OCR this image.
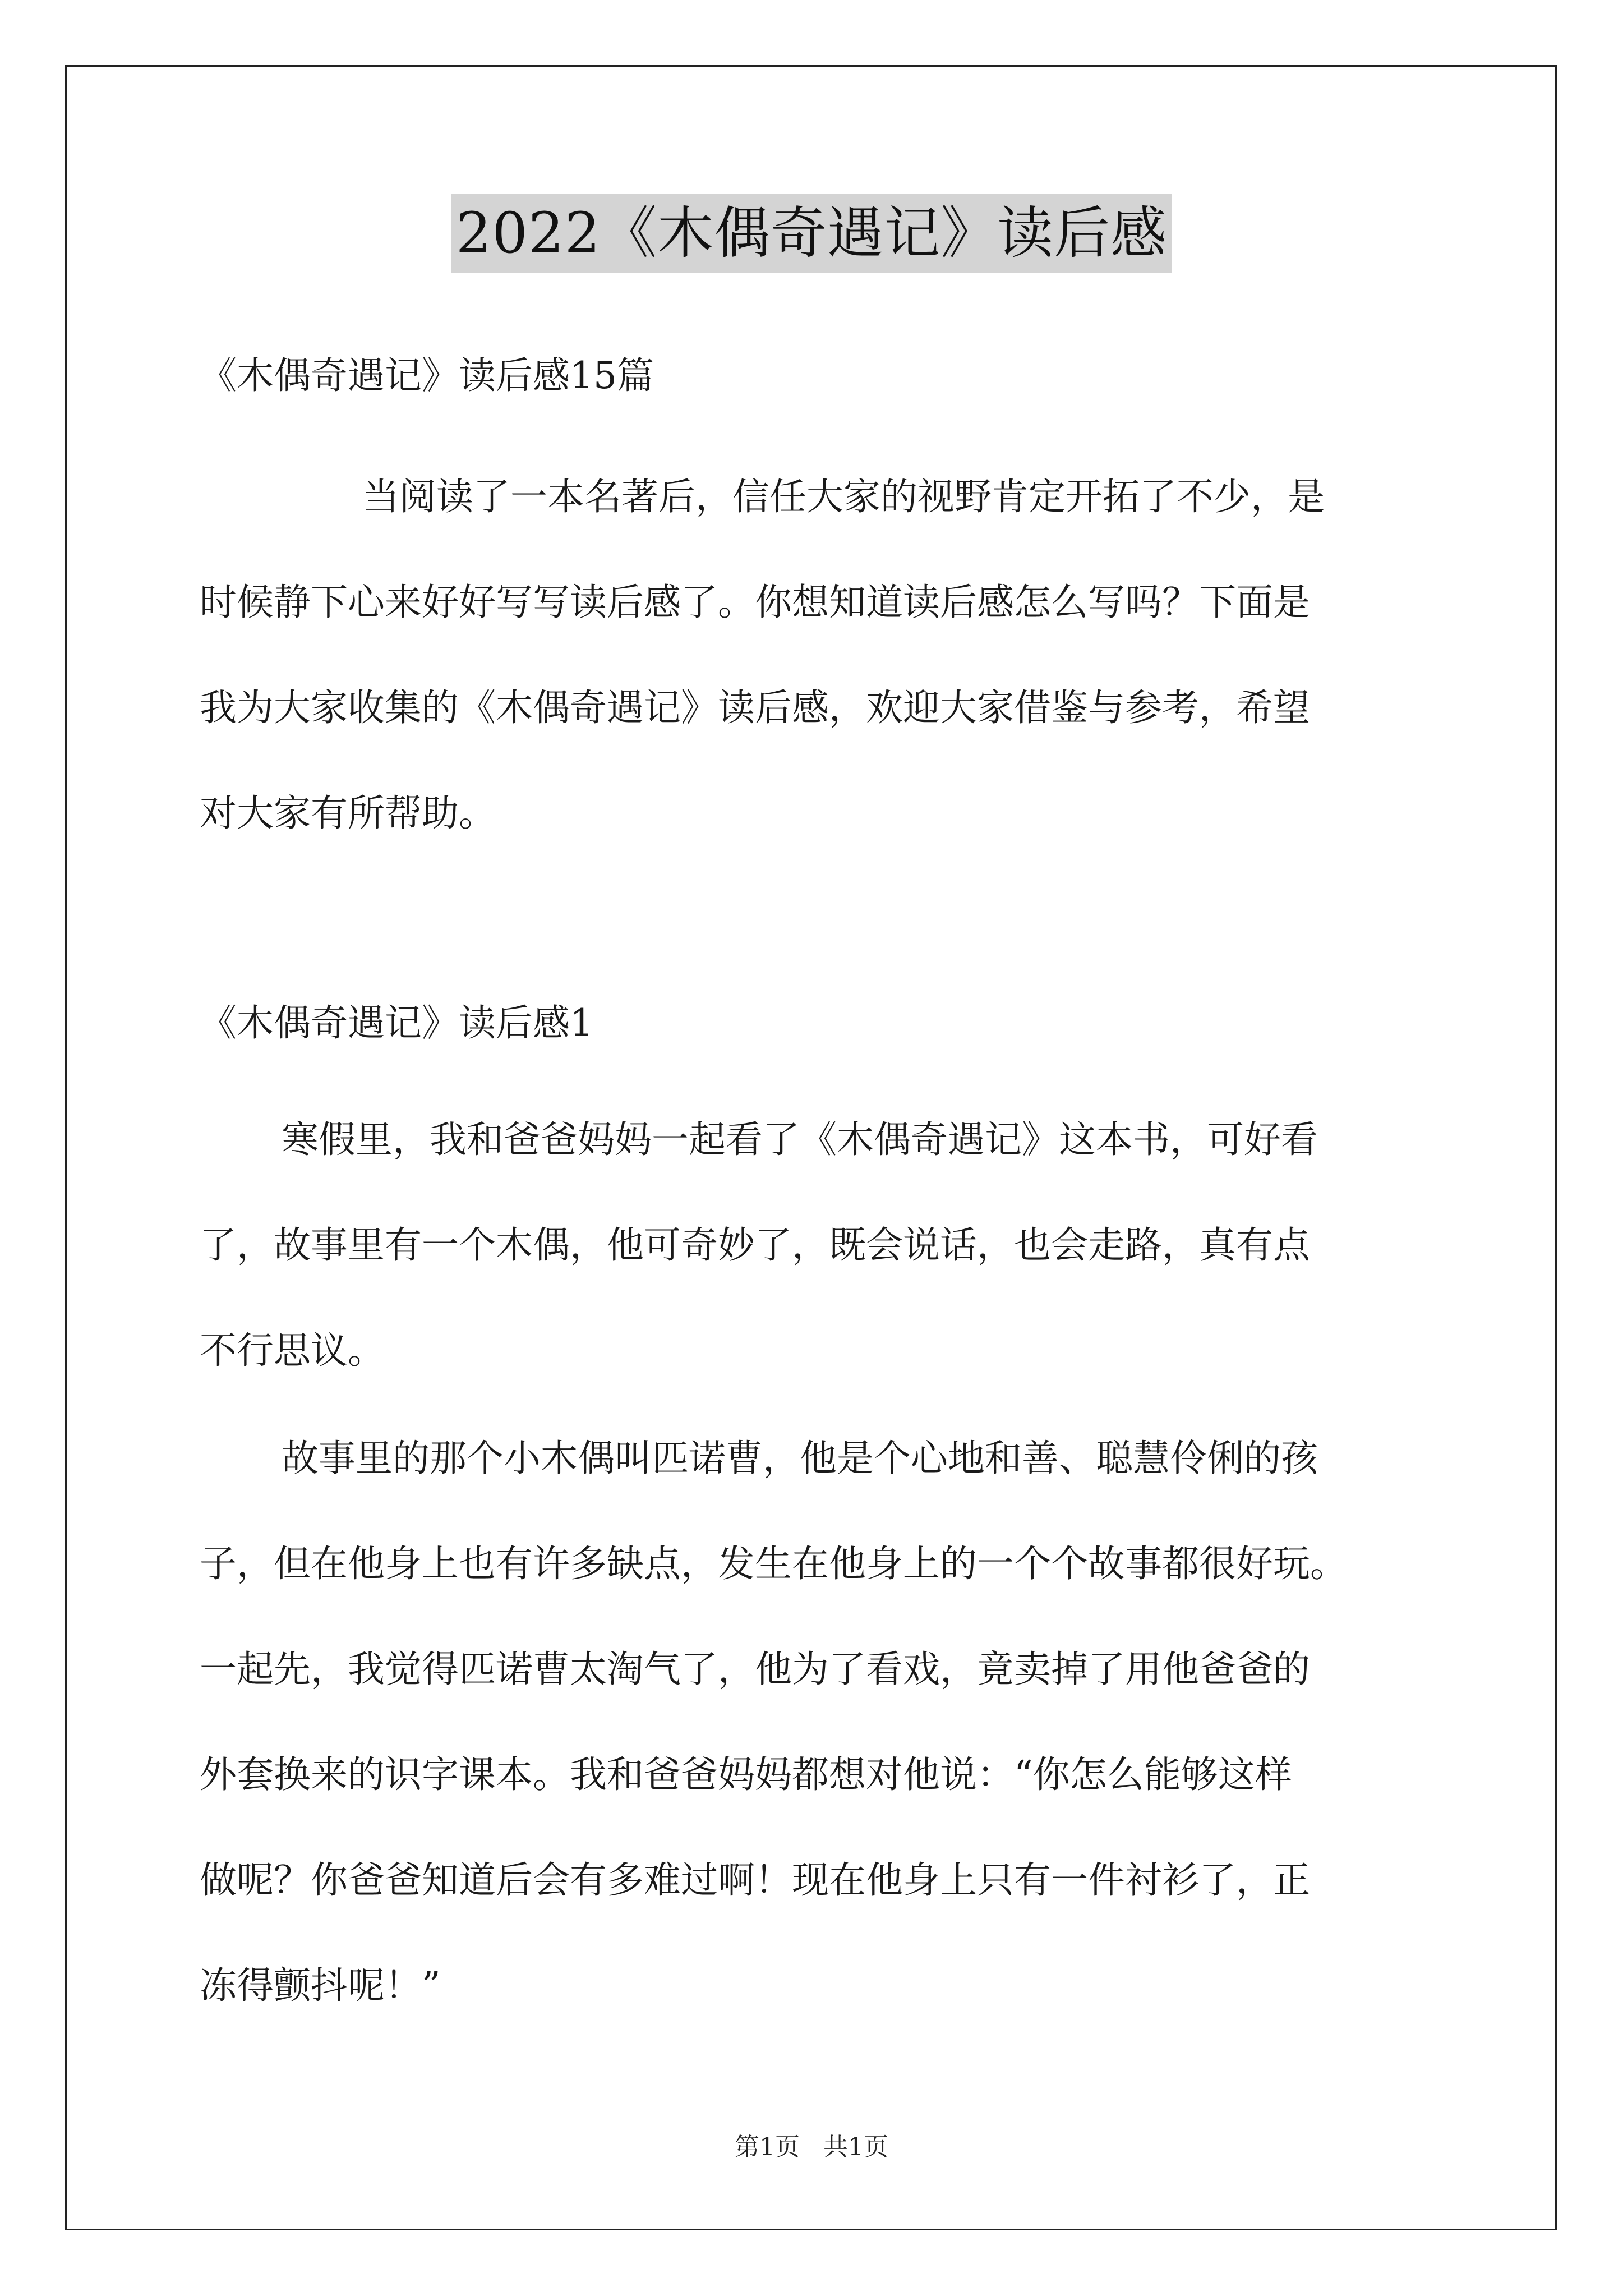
2022《木偶奇遇记》读后感
《木偶奇遇记》读后感15篇

当阅读了一本名著后，信任大家的视野肯定开拓了不少，是
时候静下心来好好写写读后感了。你想知道读后感怎么写吗？下面是
我为大家收集的《木偶奇遇记》读后感，欢迎大家借鉴与参考，希望
对大家有所帮助。

《木偶奇遇记》读后感1

寒假里，我和爸爸妈妈一起看了《木偶奇遇记》这本书，可好看
了，故事里有一个木偶，他可奇妙了，既会说话，也会走路，真有点
不行思议。

故事里的那个小木偶叫匹诺曹，他是个心地和善、聪慧伶俐的孩
子，但在他身上也有许多缺点，发生在他身上的一个个故事都很好玩。
一起先，我觉得匹诺曹太淘气了，他为了看戏，竟卖掉了用他爸爸的
外套换来的识字课本。我和爸爸妈妈都想对他说：“你怎么能够这样
做呢？你爸爸知道后会有多难过啊！现在他身上只有一件衬衫了，正
冻得颤抖呢！”

第1页 共1页
